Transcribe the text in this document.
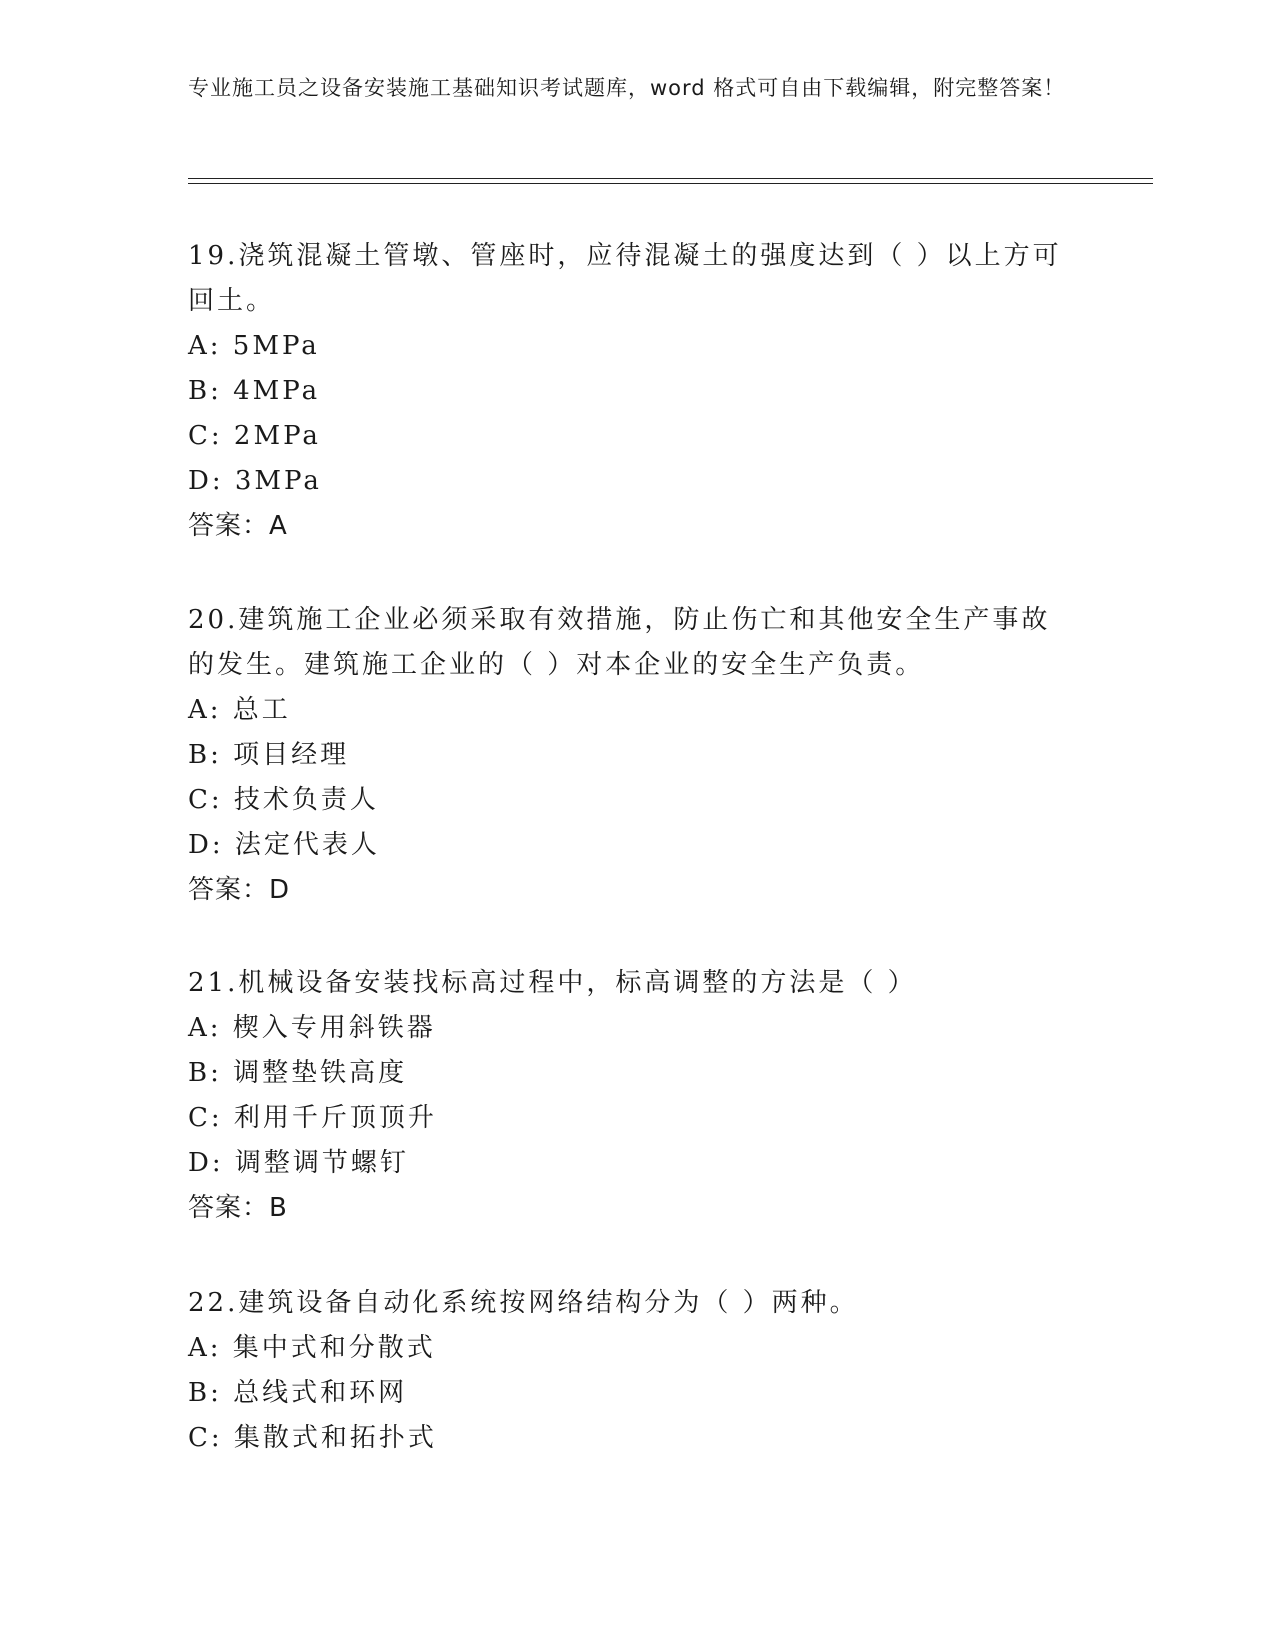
专业施工员之设备安装施工基础知识考试题库，word 格式可自由下载编辑，附完整答案！

19.浇筑混凝土管墩、管座时，应待混凝土的强度达到（ ）以上方可回土。

A: 5MPa

B: 4MPa

C: 2MPa

D: 3MPa

答案：A

20.建筑施工企业必须采取有效措施，防止伤亡和其他安全生产事故的发生。建筑施工企业的（ ）对本企业的安全生产负责。

A: 总工

B: 项目经理

C: 技术负责人

D: 法定代表人

答案：D

21.机械设备安装找标高过程中，标高调整的方法是（ ）

A: 楔入专用斜铁器

B: 调整垫铁高度

C: 利用千斤顶顶升

D: 调整调节螺钉

答案：B

22.建筑设备自动化系统按网络结构分为（ ）两种。

A: 集中式和分散式

B: 总线式和环网

C: 集散式和拓扑式
